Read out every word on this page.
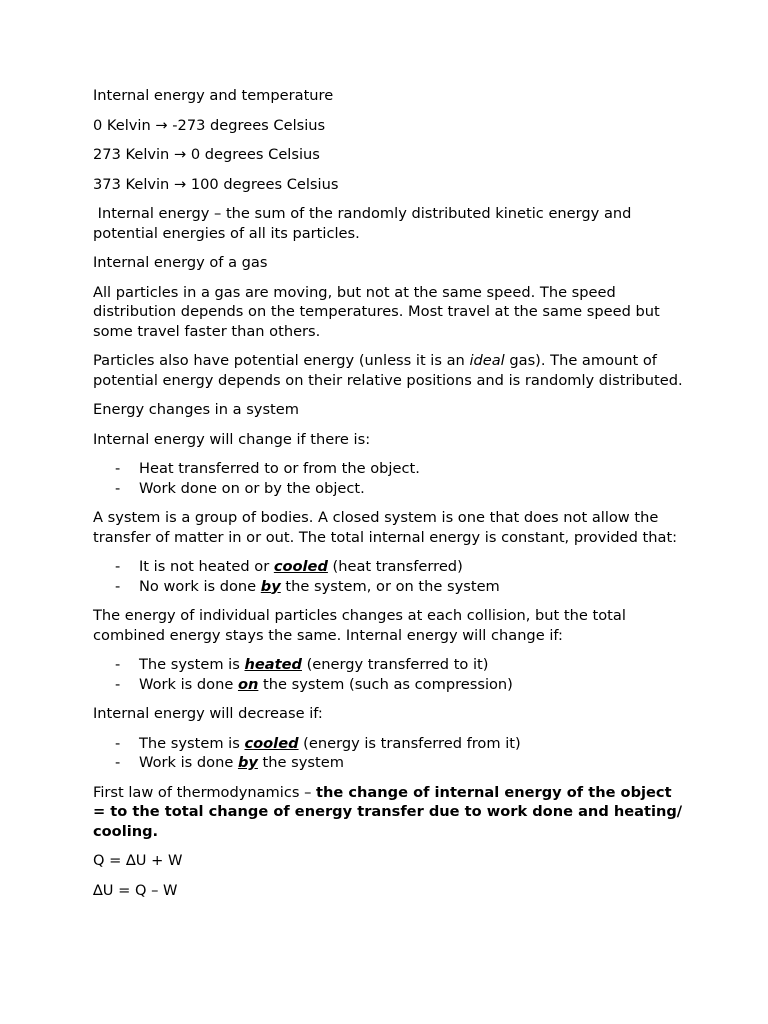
Internal energy and temperature

0 Kelvin → -273 degrees Celsius

273 Kelvin → 0 degrees Celsius

373 Kelvin → 100 degrees Celsius

Internal energy – the sum of the randomly distributed kinetic energy and potential energies of all its particles.

Internal energy of a gas

All particles in a gas are moving, but not at the same speed. The speed distribution depends on the temperatures. Most travel at the same speed but some travel faster than others.

Particles also have potential energy (unless it is an ideal gas). The amount of potential energy depends on their relative positions and is randomly distributed.

Energy changes in a system

Internal energy will change if there is:

- Heat transferred to or from the object.
- Work done on or by the object.

A system is a group of bodies. A closed system is one that does not allow the transfer of matter in or out. The total internal energy is constant, provided that:

- It is not heated or cooled (heat transferred)
- No work is done by the system, or on the system

The energy of individual particles changes at each collision, but the total combined energy stays the same. Internal energy will change if:

- The system is heated (energy transferred to it)
- Work is done on the system (such as compression)

Internal energy will decrease if:

- The system is cooled (energy is transferred from it)
- Work is done by the system

First law of thermodynamics – the change of internal energy of the object = to the total change of energy transfer due to work done and heating/ cooling.

Q = ∆U + W

∆U = Q – W
